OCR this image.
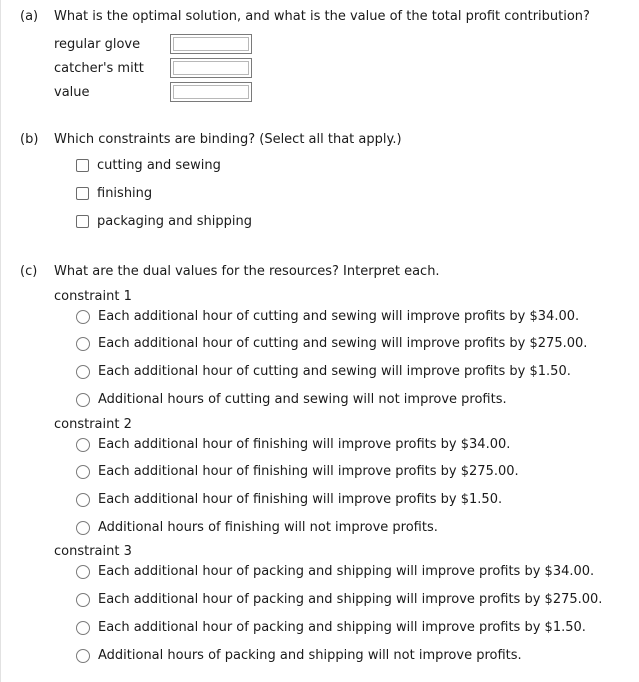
(a) What is the optimal solution, and what is the value of the total profit contribution?
regular glove
catcher's mitt
value
(b) Which constraints are binding? (Select all that apply.)
cutting and sewing
finishing
packaging and shipping
(c) What are the dual values for the resources? Interpret each.
constraint 1
Each additional hour of cutting and sewing will improve profits by $34.00.
Each additional hour of cutting and sewing will improve profits by $275.00.
Each additional hour of cutting and sewing will improve profits by $1.50.
Additional hours of cutting and sewing will not improve profits.
constraint 2
Each additional hour of finishing will improve profits by $34.00.
Each additional hour of finishing will improve profits by $275.00.
Each additional hour of finishing will improve profits by $1.50.
Additional hours of finishing will not improve profits.
constraint 3
Each additional hour of packing and shipping will improve profits by $34.00.
Each additional hour of packing and shipping will improve profits by $275.00.
Each additional hour of packing and shipping will improve profits by $1.50.
Additional hours of packing and shipping will not improve profits.
